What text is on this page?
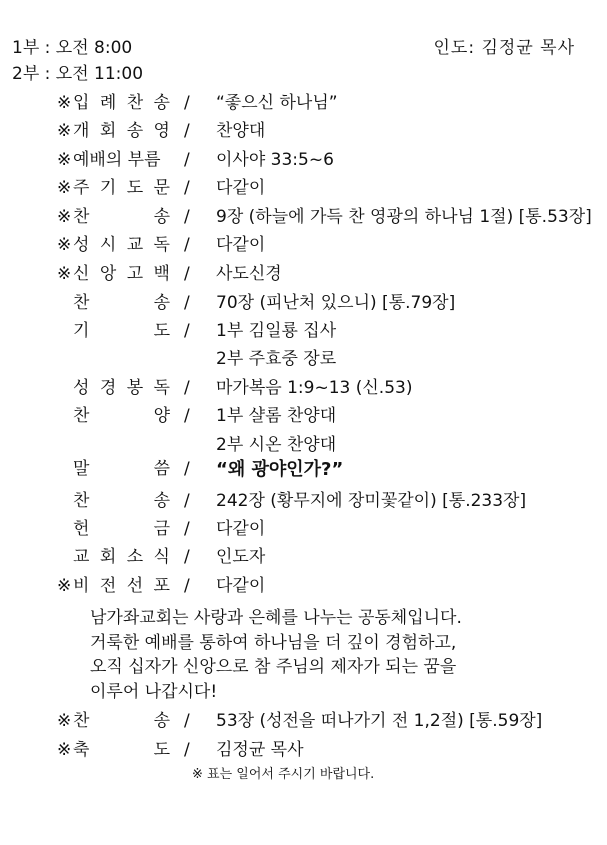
1부 : 오전 8:00
2부 : 오전 11:00
인도: 김정균 목사
※ 입 례 찬 송 / “좋으신 하나님”
※ 개 회 송 영 / 찬양대
※ 예배의 부름	/ 이사야 33:5~6
※ 주 기 도 문 / 다같이
※ 찬	송 / 9장 (하늘에 가득 찬 영광의 하나님 1절) [통.53장]
※ 성 시 교 독 / 다같이
※ 신 앙 고 백 / 사도신경
찬	송 / 70장 (피난처 있으니) [통.79장]
기	도 / 1부 김일룡 집사
2부 주효중 장로
성 경 봉 독 / 마가복음 1:9~13 (신.53)
찬	양 / 1부 샬롬 찬양대
2부 시온 찬양대
말	씀 / “왜 광야인가?”
찬	송 / 242장 (황무지에 장미꽃같이) [통.233장]
헌	금 / 다같이
교 회 소 식 / 인도자
※ 비 전 선 포 / 다같이
※ 찬	송 / 53장 (성전을 떠나가기 전 1,2절) [통.59장]
※ 축	도 / 김정균 목사
남가좌교회는 사랑과 은혜를 나누는 공동체입니다.
거룩한 예배를 통하여 하나님을 더 깊이 경험하고,
오직 십자가 신앙으로 참 주님의 제자가 되는 꿈을
이루어 나갑시다!
※ 표는 일어서 주시기 바랍니다.
